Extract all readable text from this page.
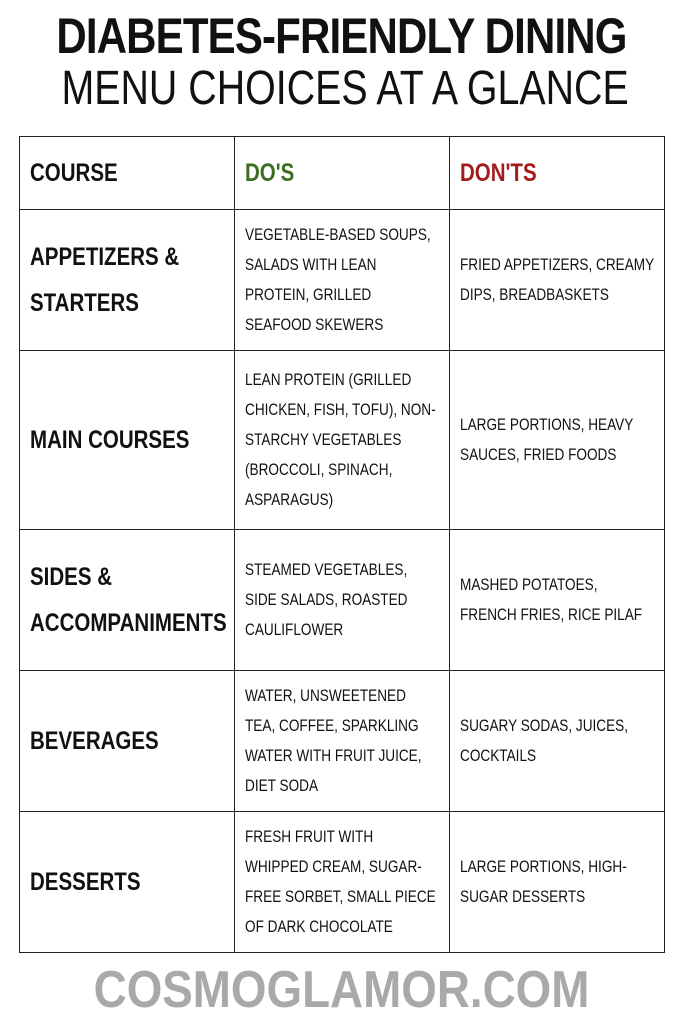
DIABETES-FRIENDLY DINING
MENU CHOICES AT A GLANCE
COURSE	DO'S	DON'TS
APPETIZERS & STARTERS	VEGETABLE-BASED SOUPS, SALADS WITH LEAN PROTEIN, GRILLED SEAFOOD SKEWERS	FRIED APPETIZERS, CREAMY DIPS, BREADBASKETS
MAIN COURSES	LEAN PROTEIN (GRILLED CHICKEN, FISH, TOFU), NON-STARCHY VEGETABLES (BROCCOLI, SPINACH, ASPARAGUS)	LARGE PORTIONS, HEAVY SAUCES, FRIED FOODS
SIDES & ACCOMPANIMENTS	STEAMED VEGETABLES, SIDE SALADS, ROASTED CAULIFLOWER	MASHED POTATOES, FRENCH FRIES, RICE PILAF
BEVERAGES	WATER, UNSWEETENED TEA, COFFEE, SPARKLING WATER WITH FRUIT JUICE, DIET SODA	SUGARY SODAS, JUICES, COCKTAILS
DESSERTS	FRESH FRUIT WITH WHIPPED CREAM, SUGAR-FREE SORBET, SMALL PIECE OF DARK CHOCOLATE	LARGE PORTIONS, HIGH-SUGAR DESSERTS
COSMOGLAMOR.COM
